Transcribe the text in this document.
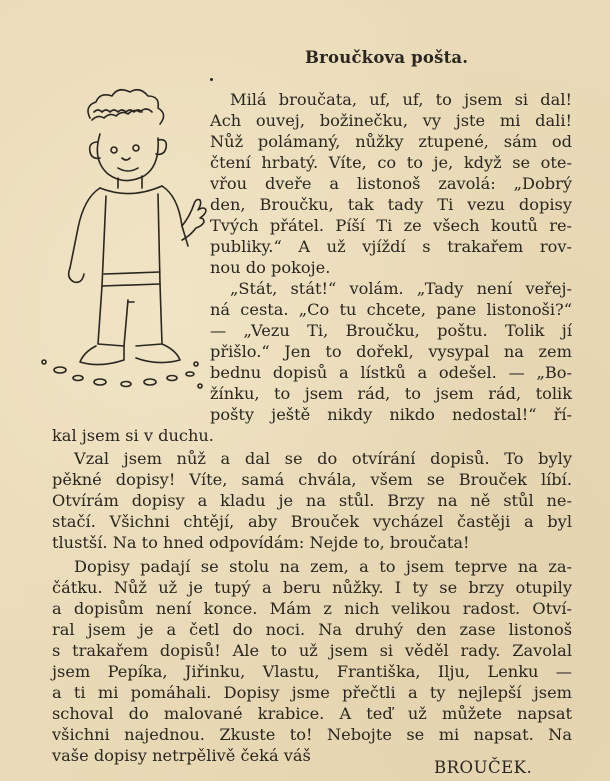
Broučkova pošta.
Milá broučata, uf, uf, to jsem si dal!
Ach ouvej, božinečku, vy jste mi dali!
Nůž polámaný, nůžky ztupené, sám od
čtení hrbatý. Víte, co to je, když se ote-
vřou dveře a listonoš zavolá: „Dobrý
den, Broučku, tak tady Ti vezu dopisy
Tvých přátel. Píší Ti ze všech koutů re-
publiky.“ A už vjíždí s trakařem rov-
nou do pokoje.
„Stát, stát!“ volám. „Tady není veřej-
ná cesta. „Co tu chcete, pane listonoši?“
— „Vezu Ti, Broučku, poštu. Tolik jí
přišlo.“ Jen to dořekl, vysypal na zem
bednu dopisů a lístků a odešel. — „Bo-
žínku, to jsem rád, to jsem rád, tolik
pošty ještě nikdy nikdo nedostal!“ ří-
kal jsem si v duchu.
Vzal jsem nůž a dal se do otvírání dopisů. To byly
pěkné dopisy! Víte, samá chvála, všem se Brouček líbí.
Otvírám dopisy a kladu je na stůl. Brzy na ně stůl ne-
stačí. Všichni chtějí, aby Brouček vycházel častěji a byl
tlustší. Na to hned odpovídám: Nejde to, broučata!
Dopisy padají se stolu na zem, a to jsem teprve na za-
čátku. Nůž už je tupý a beru nůžky. I ty se brzy otupily
a dopisům není konce. Mám z nich velikou radost. Otví-
ral jsem je a četl do noci. Na druhý den zase listonoš
s trakařem dopisů! Ale to už jsem si věděl rady. Zavolal
jsem Pepíka, Jiřinku, Vlastu, Františka, Ilju, Lenku —
a ti mi pomáhali. Dopisy jsme přečtli a ty nejlepší jsem
schoval do malované krabice. A teď už můžete napsat
všichni najednou. Zkuste to! Nebojte se mi napsat. Na
vaše dopisy netrpělivě čeká váš
BROUČEK.
